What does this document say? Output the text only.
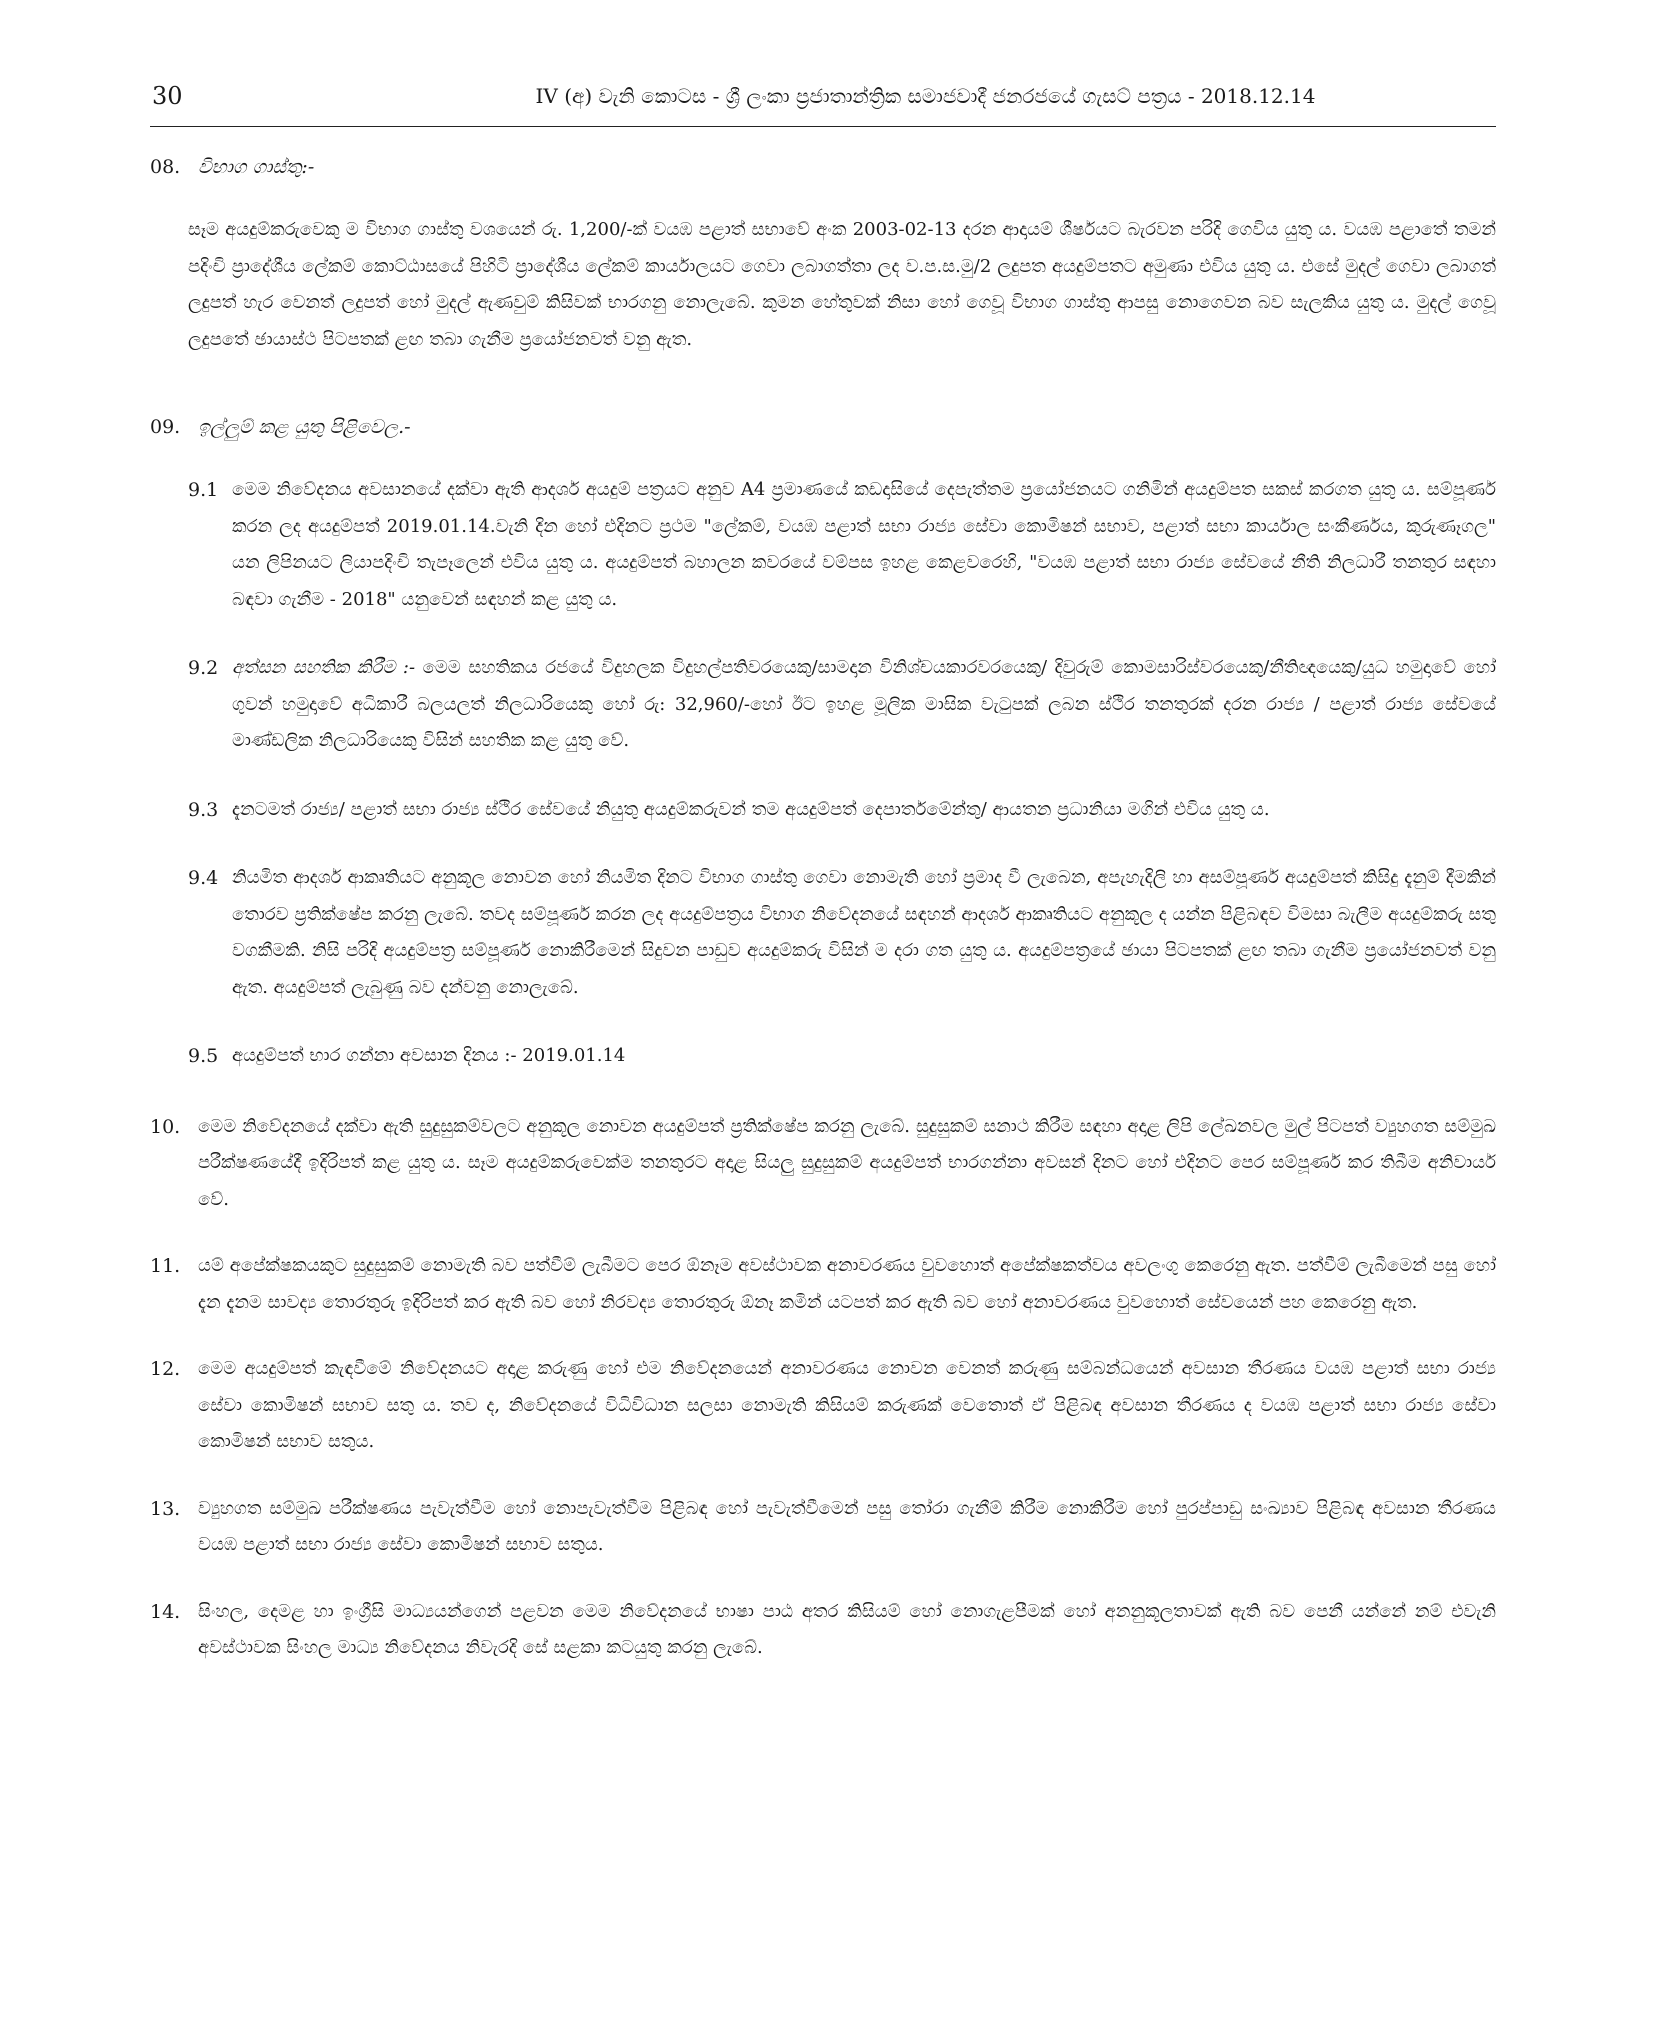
30	IV (අ) වැනි කොටස - ශ්‍රී ලංකා ප්‍රජාතාන්ත්‍රික සමාජවාදී ජනරජයේ ගැසට් පත්‍රය - 2018.12.14
08. විභාග ගාස්තු:-

සෑම අයදුම්කරුවෙකු ම විභාග ගාස්තු වශයෙන් රු. 1,200/-ක් වයඹ පළාත් සභාවේ අංක 2003-02-13 දරන ආදායම් ශීර්ෂයට බැරවන පරිදි ගෙවිය යුතු ය. වයඹ පළාතේ තමන් පදිංචි ප්‍රාදේශීය ලේකම් කොට්ඨාසයේ පිහිටි ප්‍රාදේශීය ලේකම් කාර්යාලයට ගෙවා ලබාගත්තා ලද ව.ප.ස.මු/2 ලදුපත අයදුම්පතට අමුණා එවිය යුතු ය. එසේ මුදල් ගෙවා ලබාගත් ලදුපත් හැර වෙනත් ලදුපත් හෝ මුදල් ඇණවුම් කිසිවක් භාරගනු නොලැබේ. කුමන හේතුවක් නිසා හෝ ගෙවූ විභාග ගාස්තු ආපසු නොගෙවන බව සැලකිය යුතු ය. මුදල් ගෙවූ ලදුපතේ ඡායාස්ථ පිටපතක් ළඟ තබා ගැනීම ප්‍රයෝජනවත් වනු ඇත.

09. ඉල්ලුම් කළ යුතු පිළිවෙල.-
9.1 මෙම නිවේදනය අවසානයේ දක්වා ඇති ආදර්ශ අයදුම් පත්‍රයට අනුව A4 ප්‍රමාණයේ කඩදාසියේ දෙපැත්තම ප්‍රයෝජනයට ගනිමින් අයදුම්පත සකස් කරගත යුතු ය. සම්පූර්ණ කරන ලද අයදුම්පත් 2019.01.14.වැනි දින හෝ එදිනට ප්‍රථම "ලේකම්, වයඹ පළාත් සභා රාජ්‍ය සේවා කොමිෂන් සභාව, පළාත් සභා කාර්යාල සංකීර්ණය, කුරුණෑගල" යන ලිපිනයට ලියාපදිංචි තැපෑලෙන් එවිය යුතු ය. අයදුම්පත් බහාලන කවරයේ වම්පස ඉහළ කෙළවරෙහි, "වයඹ පළාත් සභා රාජ්‍ය සේවයේ නීති නිලධාරී තනතුර සඳහා බඳවා ගැනීම - 2018" යනුවෙන් සඳහන් කළ යුතු ය.
9.2 අත්සන සහතික කිරීම :- මෙම සහතිකය රජයේ විදුහලක විදුහල්පතිවරයෙකු/සාමදාන විනිශ්චයකාරවරයෙකු/ දිවුරුම් කොමසාරිස්වරයෙකු/නීතිඥයෙකු/යුධ හමුදාවේ හෝ ගුවන් හමුදාවේ අධිකාරී බලයලත් නිලධාරියෙකු හෝ රු: 32,960/-හෝ ඊට ඉහළ මූලික මාසික වැටුපක් ලබන ස්ථිර තනතුරක් දරන රාජ්‍ය / පළාත් රාජ්‍ය සේවයේ මාණ්ඩලික නිලධාරියෙකු විසින් සහතික කළ යුතු වේ.
9.3 දැනටමත් රාජ්‍ය/ පළාත් සභා රාජ්‍ය ස්ථිර සේවයේ නියුතු අයදුම්කරුවන් තම අයදුම්පත් දෙපාර්තමේන්තු/ ආයතන ප්‍රධානියා මගින් එවිය යුතු ය.
9.4 නියමිත ආදර්ශ ආකෘතියට අනුකූල නොවන හෝ නියමිත දිනට විභාග ගාස්තු ගෙවා නොමැති හෝ ප්‍රමාද වී ලැබෙන, අපැහැදිලි හා අසම්පූර්ණ අයදුම්පත් කිසිදු දැනුම් දීමකින් තොරව ප්‍රතික්ෂේප කරනු ලැබේ. තවද සම්පූර්ණ කරන ලද අයදුම්පත්‍රය විභාග නිවේදනයේ සඳහන් ආදර්ශ ආකෘතියට අනුකූල ද යන්න පිළිබඳව විමසා බැලීම අයදුම්කරු සතු වගකීමකි. නිසි පරිදි අයදුම්පත්‍ර සම්පූර්ණ නොකිරීමෙන් සිදුවන පාඩුව අයදුම්කරු විසින් ම දරා ගත යුතු ය. අයදුම්පත්‍රයේ ඡායා පිටපතක් ළඟ තබා ගැනීම ප්‍රයෝජනවත් වනු ඇත. අයදුම්පත් ලැබුණු බව දන්වනු නොලැබේ.
9.5 අයදුම්පත් භාර ගන්නා අවසාන දිනය :- 2019.01.14
10. මෙම නිවේදනයේ දක්වා ඇති සුදුසුකම්වලට අනුකූල නොවන අයදුම්පත් ප්‍රතික්ෂේප කරනු ලැබේ. සුදුසුකම් සනාථ කිරීම සඳහා අදාළ ලිපි ලේඛනවල මුල් පිටපත් ව්‍යුහගත සම්මුඛ පරීක්ෂණයේදී ඉදිරිපත් කළ යුතු ය. සෑම අයදුම්කරුවෙක්ම තනතුරට අදාළ සියලු සුදුසුකම් අයදුම්පත් භාරගන්නා අවසන් දිනට හෝ එදිනට පෙර සම්පූර්ණ කර තිබීම අනිවාර්ය වේ.
11. යම් අපේක්ෂකයකුට සුදුසුකම් නොමැති බව පත්වීම් ලැබීමට පෙර ඕනෑම අවස්ථාවක අනාවරණය වුවහොත් අපේක්ෂකත්වය අවලංගු කෙරෙනු ඇත. පත්වීම් ලැබීමෙන් පසු හෝ දැන දැනම සාවද්‍ය තොරතුරු ඉදිරිපත් කර ඇති බව හෝ නිරවද්‍ය තොරතුරු ඕනෑ කමින් යටපත් කර ඇති බව හෝ අනාවරණය වුවහොත් සේවයෙන් පහ කෙරෙනු ඇත.
12. මෙම අයදුම්පත් කැඳවීමේ නිවේදනයට අදාළ කරුණු හෝ එම නිවේදනයෙන් අනාවරණය නොවන වෙනත් කරුණු සම්බන්ධයෙන් අවසාන තීරණය වයඹ පළාත් සභා රාජ්‍ය සේවා කොමිෂන් සභාව සතු ය. තව ද, නිවේදනයේ විධිවිධාන සලසා නොමැති කිසියම් කරුණක් වෙතොත් ඒ පිළිබඳ අවසාන තීරණය ද වයඹ පළාත් සභා රාජ්‍ය සේවා කොමිෂන් සභාව සතුය.
13. ව්‍යුහගත සම්මුඛ පරීක්ෂණය පැවැත්වීම හෝ නොපැවැත්වීම පිළිබඳ හෝ පැවැත්වීමෙන් පසු තෝරා ගැනීම් කිරීම නොකිරීම හෝ පුරප්පාඩු සංඛ්‍යාව පිළිබඳ අවසාන තීරණය වයඹ පළාත් සභා රාජ්‍ය සේවා කොමිෂන් සභාව සතුය.
14. සිංහල, දෙමළ හා ඉංග්‍රීසි මාධ්‍යයන්ගෙන් පළවන මෙම නිවේදනයේ භාෂා පාඨ අතර කිසියම් හෝ නොගැළපීමක් හෝ අනනුකූලතාවක් ඇති බව පෙනී යන්නේ නම් එවැනි අවස්ථාවක සිංහල මාධ්‍ය නිවේදනය නිවැරදි සේ සළකා කටයුතු කරනු ලැබේ.
